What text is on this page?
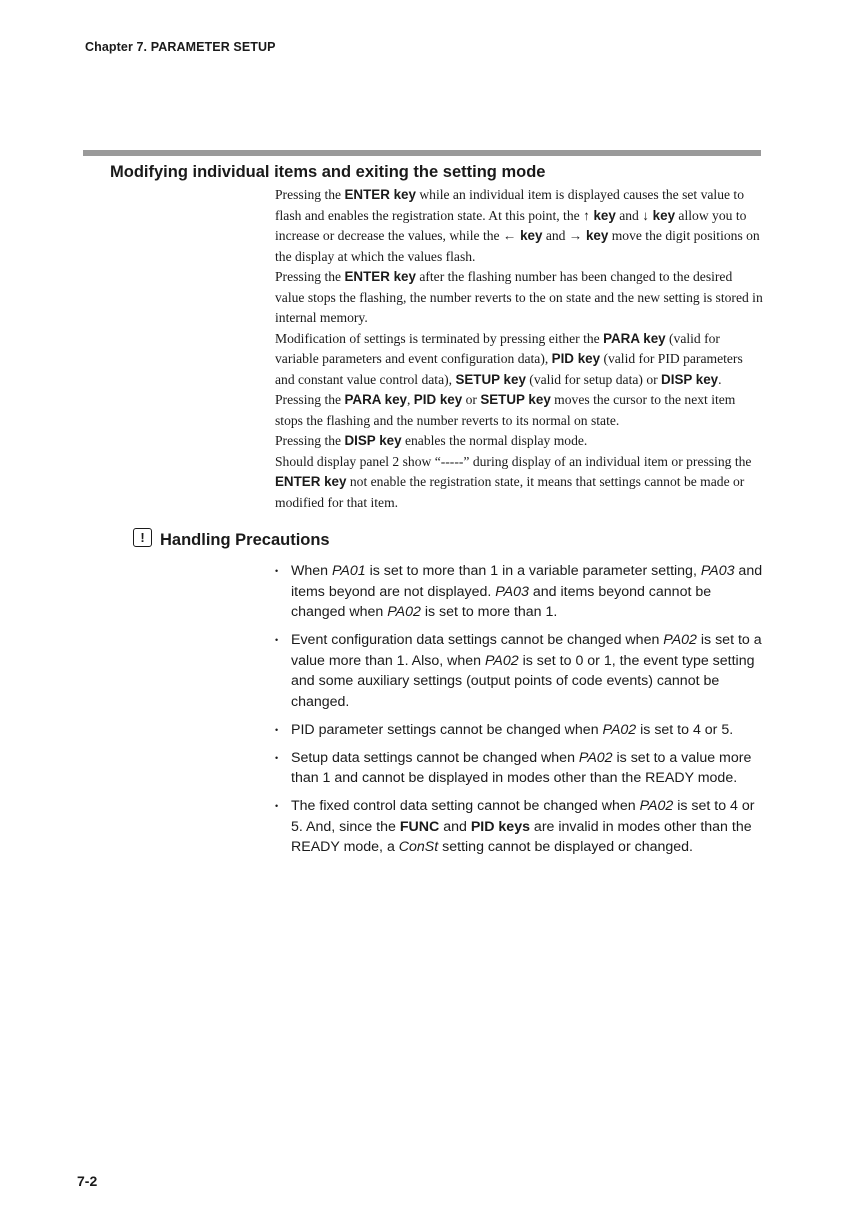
Chapter 7. PARAMETER SETUP
Modifying individual items and exiting the setting mode

Pressing the ENTER key while an individual item is displayed causes the set value to flash and enables the registration state. At this point, the ↑ key and ↓ key allow you to increase or decrease the values, while the ← key and → key move the digit positions on the display at which the values flash.

Pressing the ENTER key after the flashing number has been changed to the desired value stops the flashing, the number reverts to the on state and the new setting is stored in internal memory.

Modification of settings is terminated by pressing either the PARA key (valid for variable parameters and event configuration data), PID key (valid for PID parameters and constant value control data), SETUP key (valid for setup data) or DISP key. Pressing the PARA key, PID key or SETUP key moves the cursor to the next item stops the flashing and the number reverts to its normal on state.

Pressing the DISP key enables the normal display mode.

Should display panel 2 show “-----” during display of an individual item or pressing the ENTER key not enable the registration state, it means that settings cannot be made or modified for that item.

! Handling Precautions
• When PA01 is set to more than 1 in a variable parameter setting, PA03 and items beyond are not displayed. PA03 and items beyond cannot be changed when PA02 is set to more than 1.
• Event configuration data settings cannot be changed when PA02 is set to a value more than 1. Also, when PA02 is set to 0 or 1, the event type setting and some auxiliary settings (output points of code events) cannot be changed.
• PID parameter settings cannot be changed when PA02 is set to 4 or 5.
• Setup data settings cannot be changed when PA02 is set to a value more than 1 and cannot be displayed in modes other than the READY mode.
• The fixed control data setting cannot be changed when PA02 is set to 4 or 5. And, since the FUNC and PID keys are invalid in modes other than the READY mode, a ConSt setting cannot be displayed or changed.
7-2
